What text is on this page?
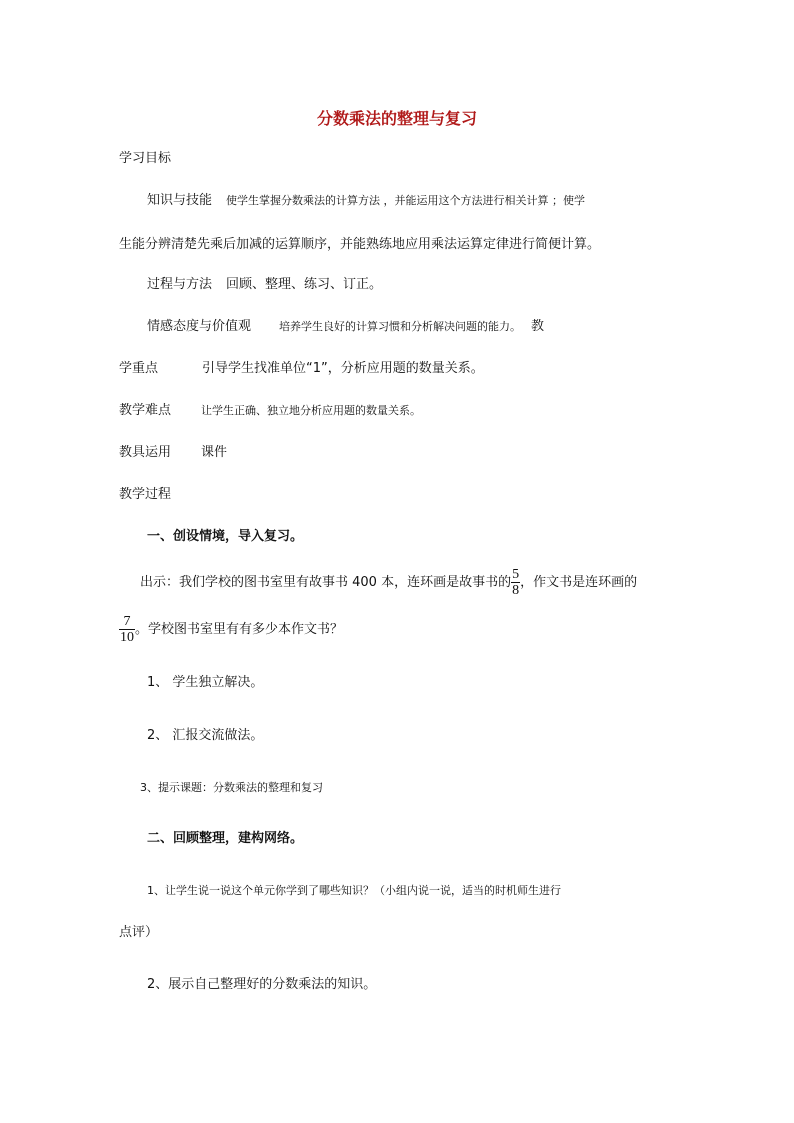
分数乘法的整理与复习
学习目标
知识与技能 使学生掌握分数乘法的计算方法 ，并能运用这个方法进行相关计算 ；使学
生能分辨清楚先乘后加减的运算顺序，并能熟练地应用乘法运算定律进行简便计算。
过程与方法 回顾、整理、练习、订正。
情感态度与价值观	培养学生良好的计算习惯和分析解决问题的能力。 教
学重点	引导学生找准单位“1”，分析应用题的数量关系。
教学难点	让学生正确、独立地分析应用题的数量关系。
教具运用 课件
教学过程
一、创设情境，导入复习。
出示：我们学校的图书室里有故事书 400 本，连环画是故事书的 $\frac{5}{8}$ ，作文书是连环画的
$\frac{7}{10}$ 。学校图书室里有有多少本作文书？
1、 学生独立解决。
2、 汇报交流做法。
3、提示课题：分数乘法的整理和复习
二、回顾整理，建构网络。
1、让学生说一说这个单元你学到了哪些知识？（小组内说一说，适当的时机师生进行
点评）
2、展示自己整理好的分数乘法的知识。
